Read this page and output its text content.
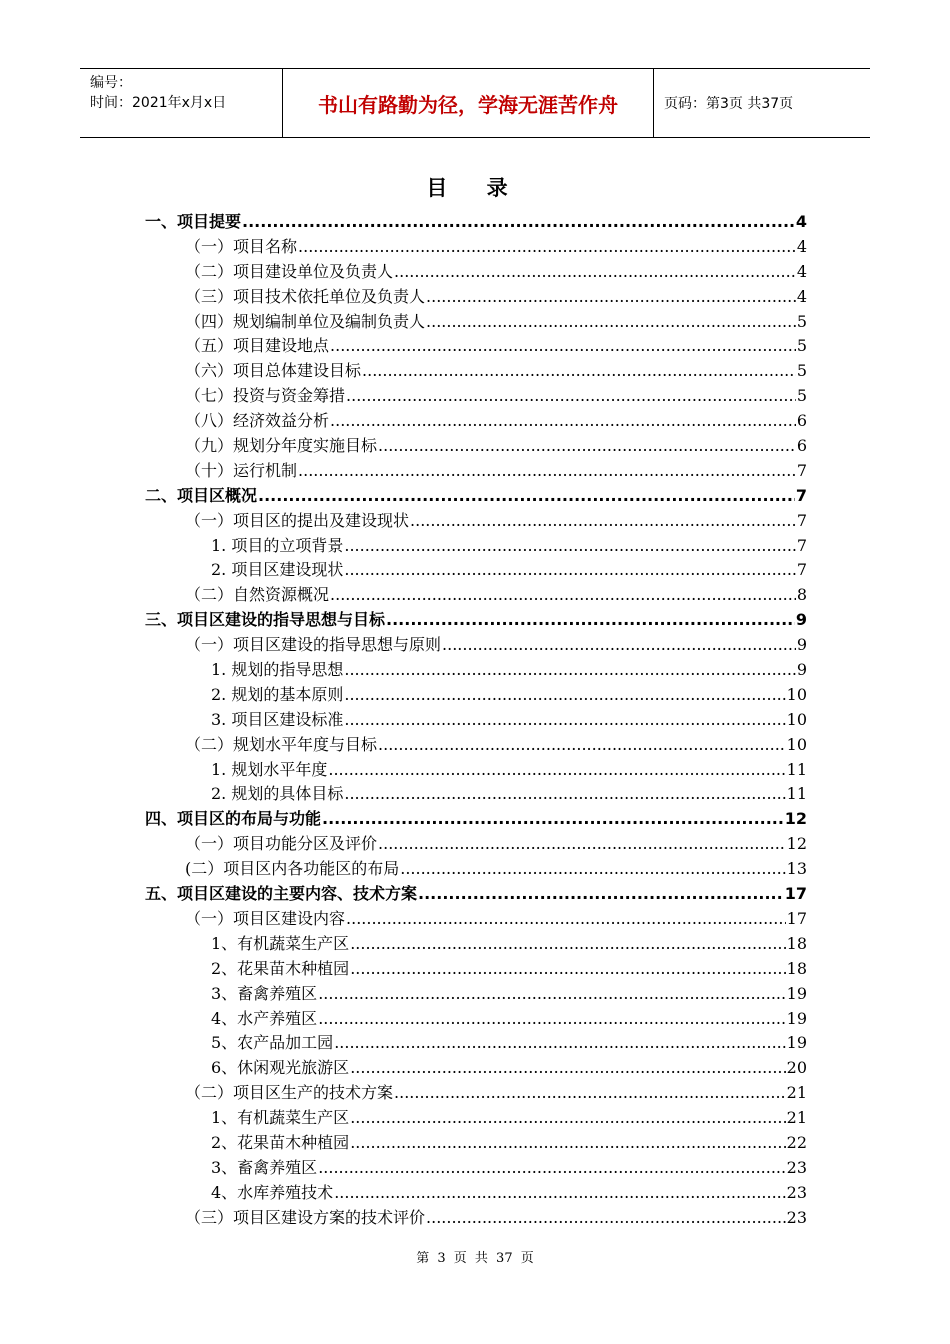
编号：
时间：2021年x月x日	书山有路勤为径，学海无涯苦作舟	页码：第3页 共37页
目 录
一、项目提要 .....	4
（一）项目名称 .....	4
（二）项目建设单位及负责人 .....	4
（三）项目技术依托单位及负责人 .....	4
（四）规划编制单位及编制负责人 .....	5
（五）项目建设地点 .....	5
（六）项目总体建设目标 .....	5
（七）投资与资金筹措 .....	5
（八）经济效益分析 .....	6
（九）规划分年度实施目标 .....	6
（十）运行机制 .....	7
二、项目区概况 .....	7
（一）项目区的提出及建设现状 .....	7
1. 项目的立项背景 .....	7
2. 项目区建设现状 .....	7
（二）自然资源概况 .....	8
三、项目区建设的指导思想与目标 .....	9
（一）项目区建设的指导思想与原则 .....	9
1. 规划的指导思想 .....	9
2. 规划的基本原则 .....	10
3. 项目区建设标准 .....	10
（二）规划水平年度与目标 .....	10
1. 规划水平年度 .....	11
2. 规划的具体目标 .....	11
四、项目区的布局与功能 .....	12
（一）项目功能分区及评价 .....	12
(二）项目区内各功能区的布局 .....	13
五、项目区建设的主要内容、技术方案 .....	17
（一）项目区建设内容 .....	17
1、有机蔬菜生产区 .....	18
2、花果苗木种植园 .....	18
3、畜禽养殖区 .....	19
4、水产养殖区 .....	19
5、农产品加工园 .....	19
6、休闲观光旅游区 .....	20
（二）项目区生产的技术方案 .....	21
1、有机蔬菜生产区 .....	21
2、花果苗木种植园 .....	22
3、畜禽养殖区 .....	23
4、水库养殖技术 .....	23
（三）项目区建设方案的技术评价 .....	23
第 3 页 共 37 页
